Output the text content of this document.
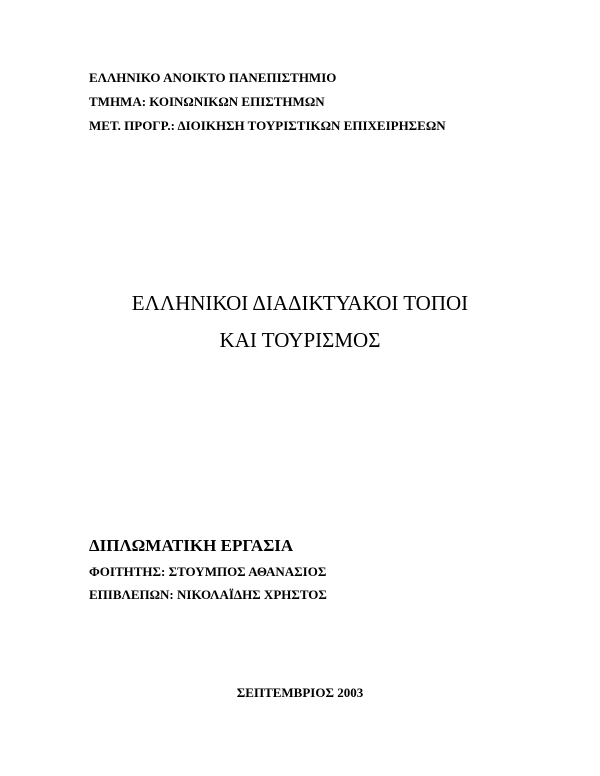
ΕΛΛΗΝΙΚΟ ΑΝΟΙΚΤΟ ΠΑΝΕΠΙΣΤΗΜΙΟ
ΤΜΗΜΑ: ΚΟΙΝΩΝΙΚΩΝ ΕΠΙΣΤΗΜΩΝ
ΜΕΤ. ΠΡΟΓΡ.: ΔΙΟΙΚΗΣΗ ΤΟΥΡΙΣΤΙΚΩΝ ΕΠΙΧΕΙΡΗΣΕΩΝ
ΕΛΛΗΝΙΚΟΙ ΔΙΑΔΙΚΤΥΑΚΟΙ ΤΟΠΟΙ
ΚΑΙ ΤΟΥΡΙΣΜΟΣ
ΔΙΠΛΩΜΑΤΙΚΗ ΕΡΓΑΣΙΑ
ΦΟΙΤΗΤΗΣ: ΣΤΟΥΜΠΟΣ ΑΘΑΝΑΣΙΟΣ
ΕΠΙΒΛΕΠΩΝ: ΝΙΚΟΛΑΪΔΗΣ ΧΡΗΣΤΟΣ
ΣΕΠΤΕΜΒΡΙΟΣ 2003
